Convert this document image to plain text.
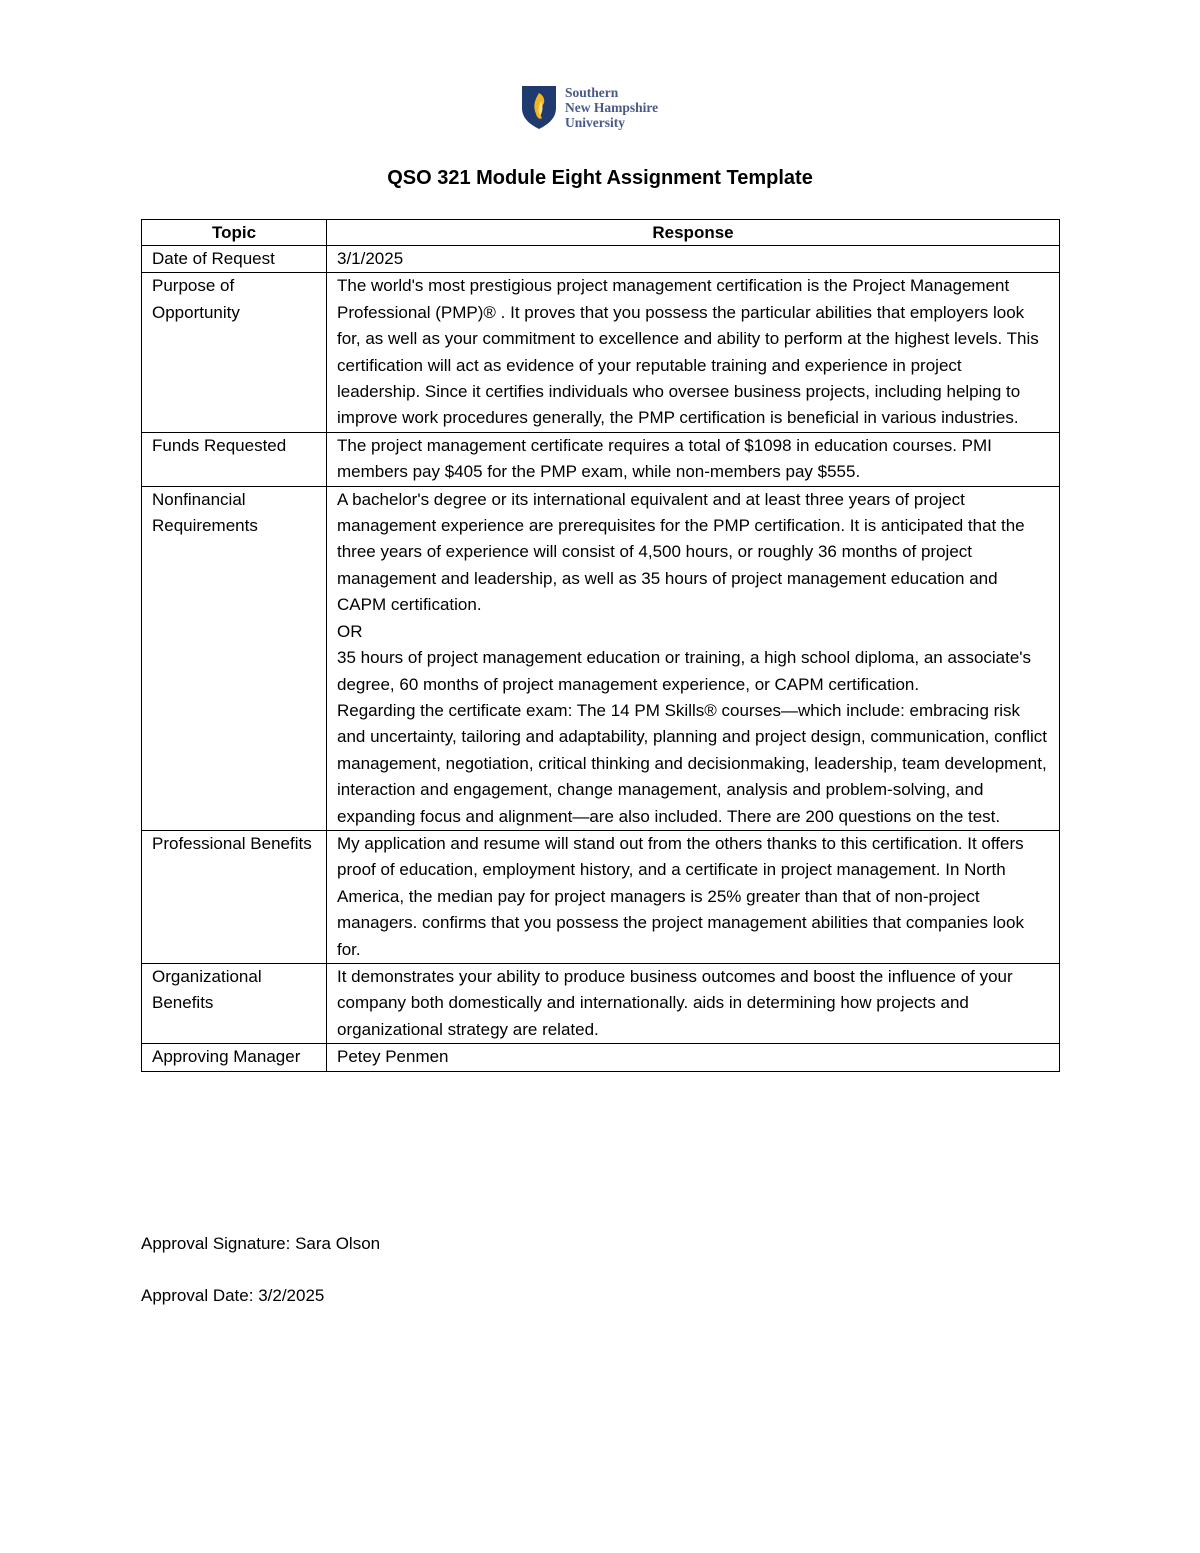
Southern
New Hampshire
University
QSO 321 Module Eight Assignment Template
Topic	Response
Date of Request	3/1/2025

Purpose of Opportunity	The world's most prestigious project management certification is the Project Management Professional (PMP)® . It proves that you possess the particular abilities that employers look for, as well as your commitment to excellence and ability to perform at the highest levels. This certification will act as evidence of your reputable training and experience in project leadership. Since it certifies individuals who oversee business projects, including helping to improve work procedures generally, the PMP certification is beneficial in various industries.

Funds Requested	The project management certificate requires a total of $1098 in education courses. PMI members pay $405 for the PMP exam, while non-members pay $555.

Nonfinancial Requirements	A bachelor's degree or its international equivalent and at least three years of project management experience are prerequisites for the PMP certification. It is anticipated that the three years of experience will consist of 4,500 hours, or roughly 36 months of project management and leadership, as well as 35 hours of project management education and CAPM certification.

OR

35 hours of project management education or training, a high school diploma, an associate's degree, 60 months of project management experience, or CAPM certification.

Regarding the certificate exam: The 14 PM Skills® courses—which include: embracing risk and uncertainty, tailoring and adaptability, planning and project design, communication, conflict management, negotiation, critical thinking and decisionmaking, leadership, team development, interaction and engagement, change management, analysis and problem-solving, and expanding focus and alignment—are also included. There are 200 questions on the test.

Professional Benefits	My application and resume will stand out from the others thanks to this certification. It offers proof of education, employment history, and a certificate in project management. In North America, the median pay for project managers is 25% greater than that of non-project managers. confirms that you possess the project management abilities that companies look for.

Organizational Benefits	It demonstrates your ability to produce business outcomes and boost the influence of your company both domestically and internationally. aids in determining how projects and organizational strategy are related.

Approving Manager	Petey Penmen

Approval Signature: Sara Olson
Approval Date: 3/2/2025
